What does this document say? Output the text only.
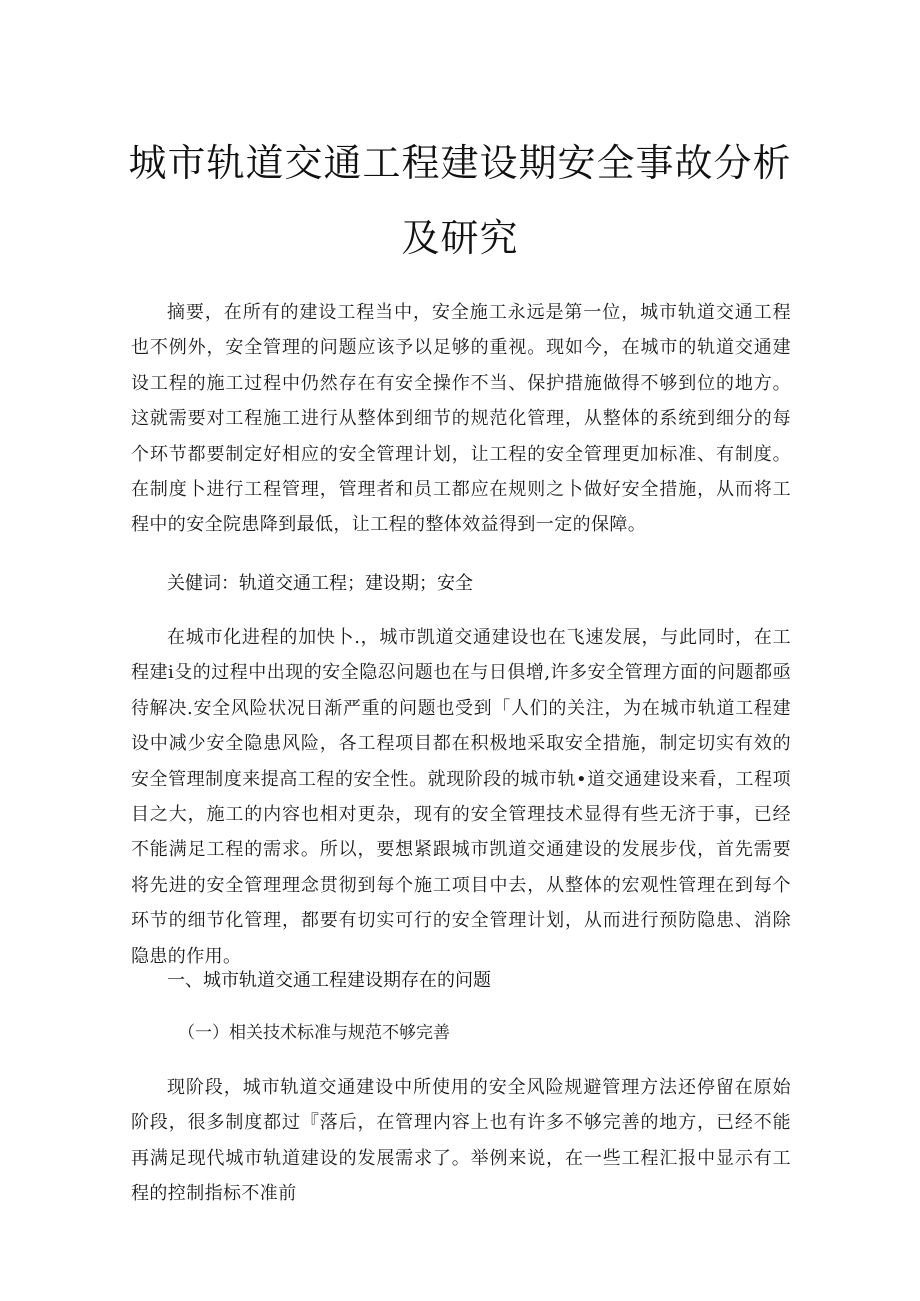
城市轨道交通工程建设期安全事故分析
及研究

摘要，在所有的建设工程当中，安全施工永远是第一位，城市轨道交通工程也不例外，安全管理的问题应该予以足够的重视。现如今，在城市的轨道交通建设工程的施工过程中仍然存在有安全操作不当、保护措施做得不够到位的地方。这就需要对工程施工进行从整体到细节的规范化管理，从整体的系统到细分的每个环节都要制定好相应的安全管理计划，让工程的安全管理更加标准、有制度。在制度卜进行工程管理，管理者和员工都应在规则之卜做好安全措施，从而将工程中的安全院患降到最低，让工程的整体效益得到一定的保障。

关健词：轨道交通工程；建设期；安全

在城市化进程的加快卜.，城市凯道交通建设也在飞速发展，与此同时，在工程建i殳的过程中出现的安全隐忍问题也在与日俱增,许多安全管理方面的问题都亟待解决.安全风险状况日渐严重的问题也受到「人们的关注，为在城市轨道工程建设中减少安全隐患风险，各工程项目都在积极地采取安全措施，制定切实有效的安全管理制度来提高工程的安全性。就现阶段的城市轨•道交通建设来看，工程项目之大，施工的内容也相对更杂，现有的安全管理技术显得有些无济于事，已经不能满足工程的需求。所以，要想紧跟城市凯道交通建设的发展步伐，首先需要将先进的安全管理理念贯彻到每个施工项目中去，从整体的宏观性管理在到每个环节的细节化管理，都要有切实可行的安全管理计划，从而进行预防隐患、消除隐患的作用。

一、城市轨道交通工程建设期存在的问题
（一）相关技术标准与规范不够完善

现阶段，城市轨道交通建设中所使用的安全风险规避管理方法还停留在原始阶段，很多制度都过『落后，在管理内容上也有许多不够完善的地方，已经不能再满足现代城市轨道建设的发展需求了。举例来说，在一些工程汇报中显示有工程的控制指标不准前
